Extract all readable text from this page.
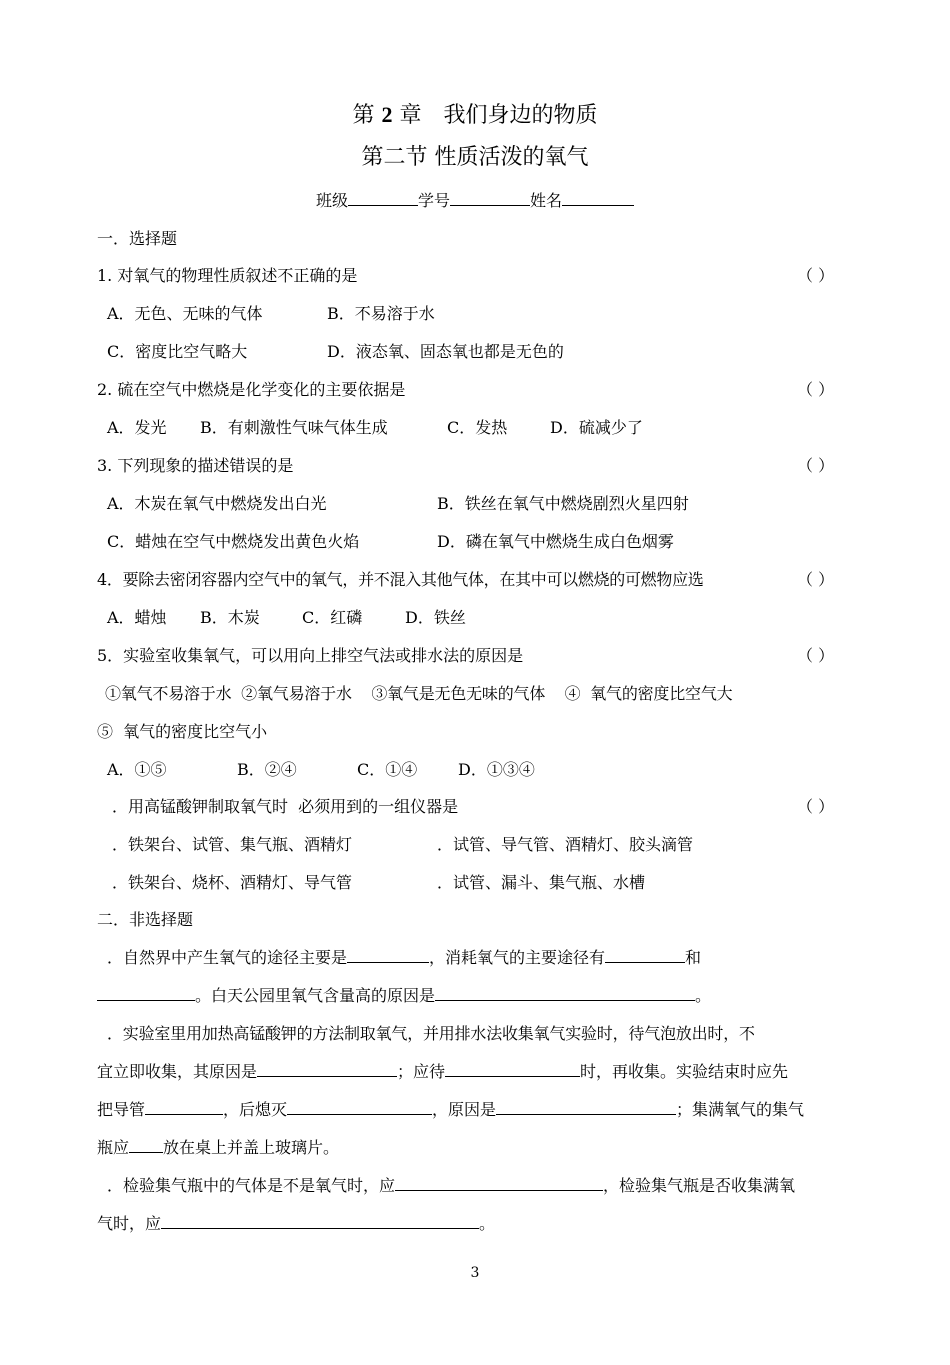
第 2 章 我们身边的物质
第二节 性质活泼的氧气
班级	学号	姓名
一．选择题
1. 对氧气的物理性质叙述不正确的是	（ ）
A．无色、无味的气体	B．不易溶于水
C．密度比空气略大	D．液态氧、固态氧也都是无色的
2. 硫在空气中燃烧是化学变化的主要依据是	（ ）
A．发光 B．有刺激性气味气体生成	C．发热	D．硫减少了
3. 下列现象的描述错误的是	（ ）
A．木炭在氧气中燃烧发出白光	B．铁丝在氧气中燃烧剧烈火星四射
C．蜡烛在空气中燃烧发出黄色火焰	D．磷在氧气中燃烧生成白色烟雾
4．要除去密闭容器内空气中的氧气，并不混入其他气体，在其中可以燃烧的可燃物应选	（ ）
A．蜡烛 B．木炭	C．红磷	D．铁丝
5．实验室收集氧气，可以用向上排空气法或排水法的原因是	（ ）
①氧气不易溶于水  ②氧气易溶于水    ③氧气是无色无味的气体    ④  氧气的密度比空气大
⑤  氧气的密度比空气小
A．①⑤	B．②④	C．①④	D．①③④
．用高锰酸钾制取氧气时  必须用到的一组仪器是	（ ）
．铁架台、试管、集气瓶、酒精灯	．试管、导气管、酒精灯、胶头滴管
．铁架台、烧杯、酒精灯、导气管	．试管、漏斗、集气瓶、水槽
二．非选择题
．自然界中产生氧气的途径主要是	，消耗氧气的主要途径有	和
。白天公园里氧气含量高的原因是	。
．实验室里用加热高锰酸钾的方法制取氧气，并用排水法收集氧气实验时，待气泡放出时，不
宜立即收集，其原因是	；应待	时，再收集。实验结束时应先
把导管	，后熄灭	，原因是	；集满氧气的集气
瓶应 放在桌上并盖上玻璃片。
．检验集气瓶中的气体是不是氧气时，应	，检验集气瓶是否收集满氧
气时，应	。
3
